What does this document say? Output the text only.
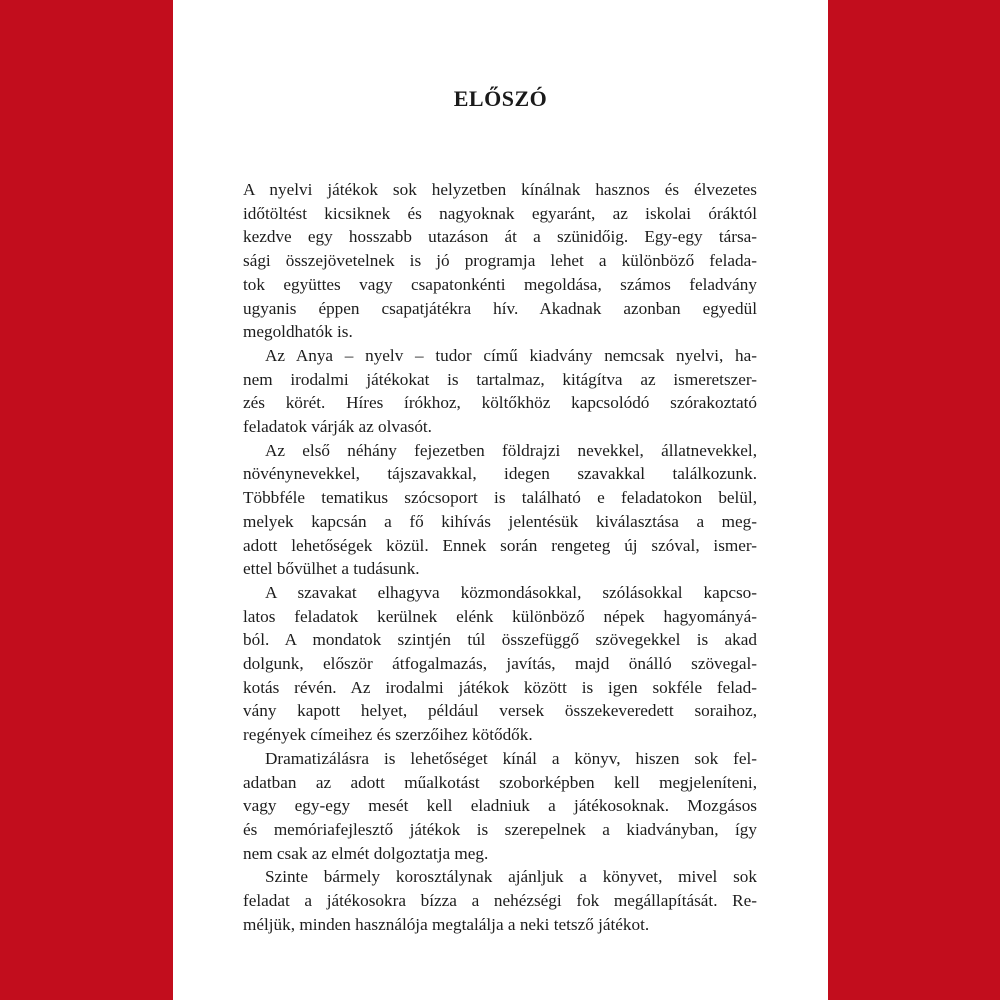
ELŐSZÓ
A nyelvi játékok sok helyzetben kínálnak hasznos és élvezetes
időtöltést kicsiknek és nagyoknak egyaránt, az iskolai óráktól
kezdve egy hosszabb utazáson át a szünidőig. Egy-egy társa-
sági összejövetelnek is jó programja lehet a különböző felada-
tok együttes vagy csapatonkénti megoldása, számos feladvány
ugyanis éppen csapatjátékra hív. Akadnak azonban egyedül
megoldhatók is.
Az Anya – nyelv – tudor című kiadvány nemcsak nyelvi, ha-
nem irodalmi játékokat is tartalmaz, kitágítva az ismeretszer-
zés körét. Híres írókhoz, költőkhöz kapcsolódó szórakoztató
feladatok várják az olvasót.
Az első néhány fejezetben földrajzi nevekkel, állatnevekkel,
növénynevekkel, tájszavakkal, idegen szavakkal találkozunk.
Többféle tematikus szócsoport is található e feladatokon belül,
melyek kapcsán a fő kihívás jelentésük kiválasztása a meg-
adott lehetőségek közül. Ennek során rengeteg új szóval, ismer-
ettel bővülhet a tudásunk.
A szavakat elhagyva közmondásokkal, szólásokkal kapcso-
latos feladatok kerülnek elénk különböző népek hagyományá-
ból. A mondatok szintjén túl összefüggő szövegekkel is akad
dolgunk, először átfogalmazás, javítás, majd önálló szövegal-
kotás révén. Az irodalmi játékok között is igen sokféle felad-
vány kapott helyet, például versek összekeveredett soraihoz,
regények címeihez és szerzőihez kötődők.
Dramatizálásra is lehetőséget kínál a könyv, hiszen sok fel-
adatban az adott műalkotást szoborképben kell megjeleníteni,
vagy egy-egy mesét kell eladniuk a játékosoknak. Mozgásos
és memóriafejlesztő játékok is szerepelnek a kiadványban, így
nem csak az elmét dolgoztatja meg.
Szinte bármely korosztálynak ajánljuk a könyvet, mivel sok
feladat a játékosokra bízza a nehézségi fok megállapítását. Re-
méljük, minden használója megtalálja a neki tetsző játékot.
